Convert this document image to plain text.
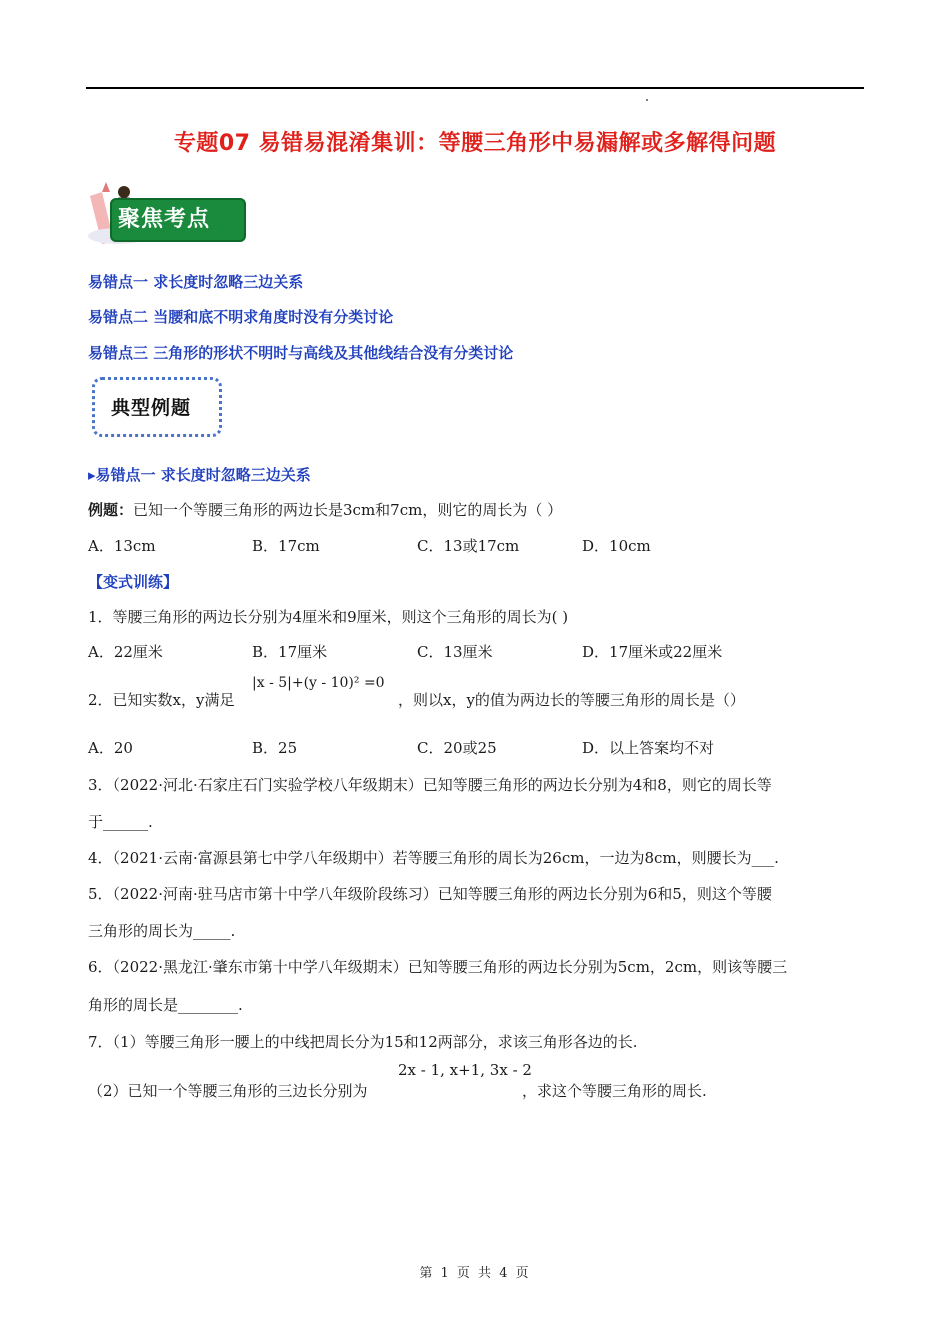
专题07 易错易混淆集训：等腰三角形中易漏解或多解得问题
聚焦考点
易错点一 求长度时忽略三边关系
易错点二 当腰和底不明求角度时没有分类讨论
易错点三 三角形的形状不明时与高线及其他线结合没有分类讨论
典型例题
▸易错点一 求长度时忽略三边关系
例题：已知一个等腰三角形的两边长是3cm和7cm，则它的周长为（ ）
A．13cm	B．17cm	C．13或17cm	D．10cm
【变式训练】
1．等腰三角形的两边长分别为4厘米和9厘米，则这个三角形的周长为( )
A．22厘米	B．17厘米	C．13厘米	D．17厘米或22厘米
2．已知实数x，y满足
|x - 5|+(y - 10)² =0
，则以x，y的值为两边长的等腰三角形的周长是（）
A．20	B．25	C．20或25	D．以上答案均不对
3．（2022·河北·石家庄石门实验学校八年级期末）已知等腰三角形的两边长分别为4和8，则它的周长等
于______.
4．（2021·云南·富源县第七中学八年级期中）若等腰三角形的周长为26cm，一边为8cm，则腰长为___.
5．（2022·河南·驻马店市第十中学八年级阶段练习）已知等腰三角形的两边长分别为6和5，则这个等腰
三角形的周长为_____.
6．（2022·黑龙江·肇东市第十中学八年级期末）已知等腰三角形的两边长分别为5cm，2cm，则该等腰三
角形的周长是________.
7．（1）等腰三角形一腰上的中线把周长分为15和12两部分，求该三角形各边的长.
2x - 1, x+1, 3x - 2
（2）已知一个等腰三角形的三边长分别为	，求这个等腰三角形的周长.
第 1 页 共 4 页
